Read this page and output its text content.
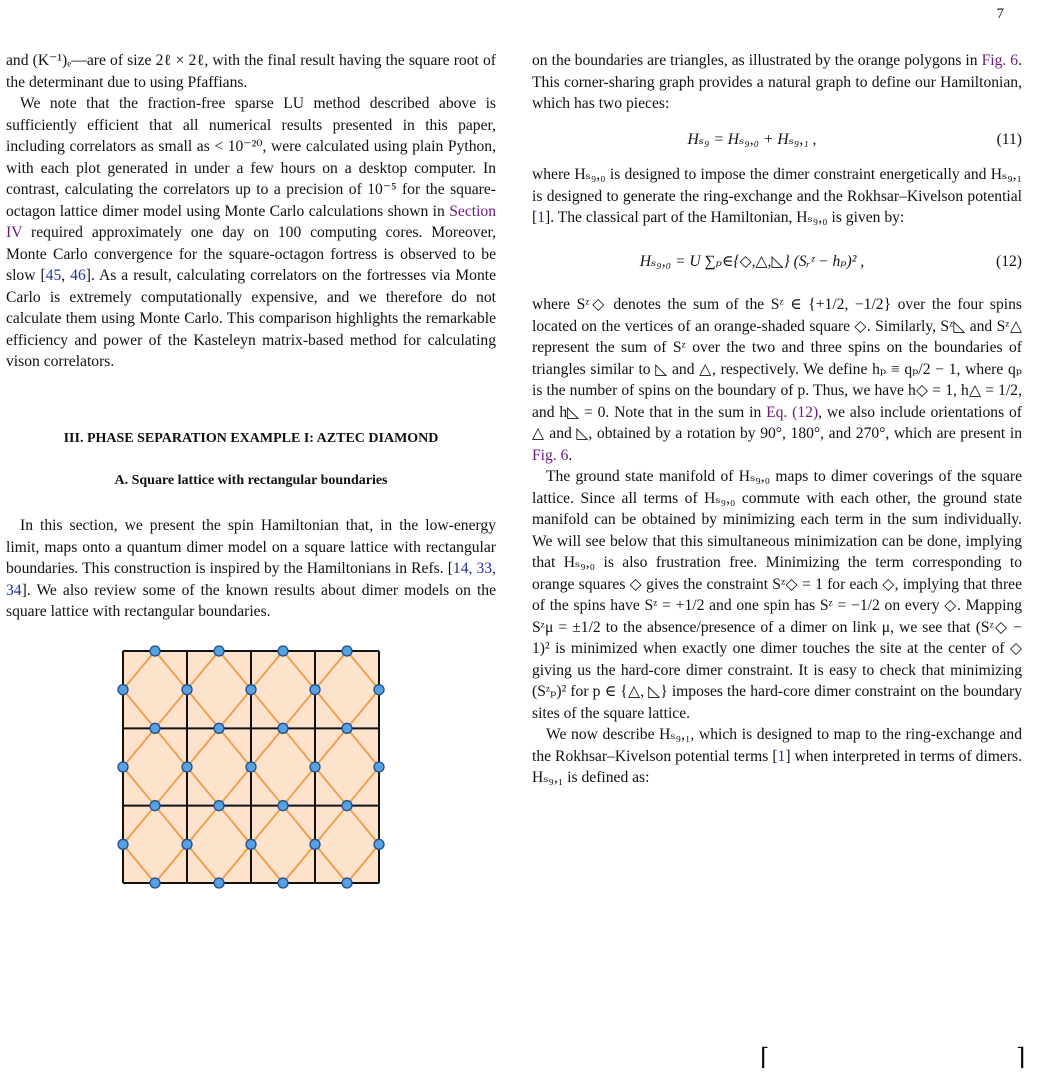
7

and (K⁻¹)ₑ—are of size 2ℓ × 2ℓ, with the final result having the square root of the determinant due to using Pfaffians.

We note that the fraction-free sparse LU method described above is sufficiently efficient that all numerical results presented in this paper, including correlators as small as < 10⁻²⁰, were calculated using plain Python, with each plot generated in under a few hours on a desktop computer. In contrast, calculating the correlators up to a precision of 10⁻⁵ for the square-octagon lattice dimer model using Monte Carlo calculations shown in Section IV required approximately one day on 100 computing cores. Moreover, Monte Carlo convergence for the square-octagon fortress is observed to be slow [45, 46]. As a result, calculating correlators on the fortresses via Monte Carlo is extremely computationally expensive, and we therefore do not calculate them using Monte Carlo. This comparison highlights the remarkable efficiency and power of the Kasteleyn matrix-based method for calculating vison correlators.

III. PHASE SEPARATION EXAMPLE I: AZTEC DIAMOND
A. Square lattice with rectangular boundaries

In this section, we present the spin Hamiltonian that, in the low-energy limit, maps onto a quantum dimer model on a square lattice with rectangular boundaries. This construction is inspired by the Hamiltonians in Refs. [14, 33, 34]. We also review some of the known results about dimer models on the square lattice with rectangular boundaries.

on the boundaries are triangles, as illustrated by the orange polygons in Fig. 6. This corner-sharing graph provides a natural graph to define our Hamiltonian, which has two pieces:

Hₛ₉ = Hₛ₉,₀ + Hₛ₉,₁ ,	(11)

where Hₛ₉,₀ is designed to impose the dimer constraint energetically and Hₛ₉,₁ is designed to generate the ring-exchange and the Rokhsar–Kivelson potential [1]. The classical part of the Hamiltonian, Hₛ₉,₀ is given by:

Hₛ₉,₀ = U ∑ₚ∈{◇,△,◺} (Sᵣᶻ − hₚ)² ,	(12)

where Sᶻ◇ denotes the sum of the Sᶻ ∈ {+1/2, −1/2} over the four spins located on the vertices of an orange-shaded square ◇. Similarly, Sᶻ◺ and Sᶻ△ represent the sum of Sᶻ over the two and three spins on the boundaries of triangles similar to ◺ and △, respectively. We define hₚ ≡ qₚ/2 − 1, where qₚ is the number of spins on the boundary of p. Thus, we have h◇ = 1, h△ = 1/2, and h◺ = 0. Note that in the sum in Eq. (12), we also include orientations of △ and ◺, obtained by a rotation by 90°, 180°, and 270°, which are present in Fig. 6.

The ground state manifold of Hₛ₉,₀ maps to dimer coverings of the square lattice. Since all terms of Hₛ₉,₀ commute with each other, the ground state manifold can be obtained by minimizing each term in the sum individually. We will see below that this simultaneous minimization can be done, implying that Hₛ₉,₀ is also frustration free. Minimizing the term corresponding to orange squares ◇ gives the constraint Sᶻ◇ = 1 for each ◇, implying that three of the spins have Sᶻ = +1/2 and one spin has Sᶻ = −1/2 on every ◇. Mapping Sᶻμ = ±1/2 to the absence/presence of a dimer on link μ, we see that (Sᶻ◇ − 1)² is minimized when exactly one dimer touches the site at the center of ◇ giving us the hard-core dimer constraint. It is easy to check that minimizing (Sᶻₚ)² for p ∈ {△, ◺} imposes the hard-core dimer constraint on the boundary sites of the square lattice.

We now describe Hₛ₉,₁, which is designed to map to the ring-exchange and the Rokhsar–Kivelson potential terms [1] when interpreted in terms of dimers. Hₛ₉,₁ is defined as:

⌈	⌉
